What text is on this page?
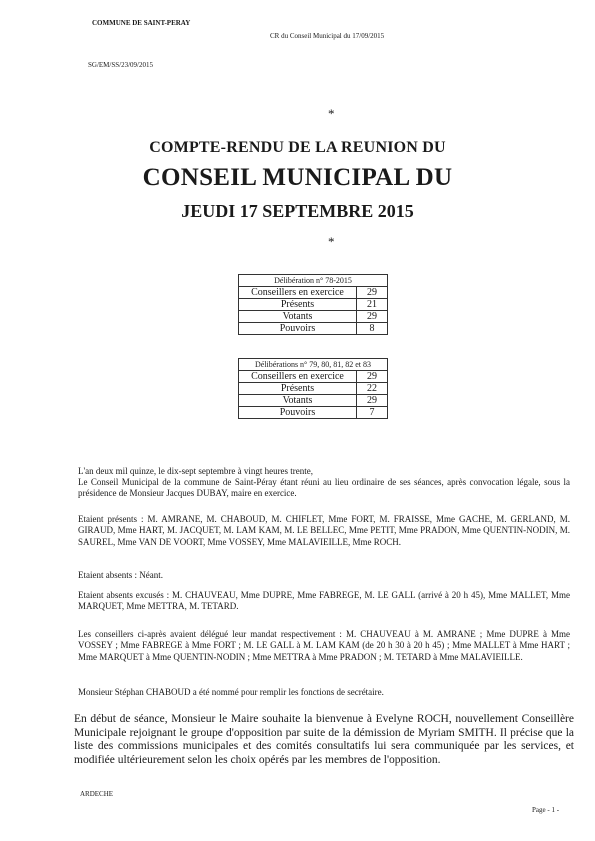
COMMUNE DE SAINT-PERAY
CR du Conseil Municipal du 17/09/2015
SG/EM/SS/23/09/2015
*
COMPTE-RENDU DE LA REUNION DU
CONSEIL MUNICIPAL DU
JEUDI 17 SEPTEMBRE 2015
*
Délibération n° 78-2015	
Conseillers en exercice	29
Présents	21
Votants	29
Pouvoirs	8
Délibérations n° 79, 80, 81, 82 et 83	
Conseillers en exercice	29
Présents	22
Votants	29
Pouvoirs	7
L'an deux mil quinze, le dix-sept septembre à vingt heures trente,
Le Conseil Municipal de la commune de Saint-Péray étant réuni au lieu ordinaire de ses séances, après convocation légale, sous la présidence de Monsieur Jacques DUBAY, maire en exercice.
Etaient présents : M. AMRANE, M. CHABOUD, M. CHIFLET, Mme FORT, M. FRAISSE, Mme GACHE, M. GERLAND, M. GIRAUD, Mme HART, M. JACQUET, M. LAM KAM, M. LE BELLEC, Mme PETIT, Mme PRADON, Mme QUENTIN-NODIN, M. SAUREL, Mme VAN DE VOORT, Mme VOSSEY, Mme MALAVIEILLE, Mme ROCH.
Etaient absents : Néant.
Etaient absents excusés : M. CHAUVEAU, Mme DUPRE, Mme FABREGE, M. LE GALL (arrivé à 20 h 45), Mme MALLET, Mme MARQUET, Mme METTRA, M. TETARD.
Les conseillers ci-après avaient délégué leur mandat respectivement : M. CHAUVEAU à M. AMRANE ; Mme DUPRE à Mme VOSSEY ; Mme FABREGE à Mme FORT ; M. LE GALL à M. LAM KAM (de 20 h 30 à 20 h 45) ; Mme MALLET à Mme HART ; Mme MARQUET à Mme QUENTIN-NODIN ; Mme METTRA à Mme PRADON ; M. TETARD à Mme MALAVIEILLE.
Monsieur Stéphan CHABOUD a été nommé pour remplir les fonctions de secrétaire.
En début de séance, Monsieur le Maire souhaite la bienvenue à Evelyne ROCH, nouvellement Conseillère Municipale rejoignant le groupe d'opposition par suite de la démission de Myriam SMITH. Il précise que la liste des commissions municipales et des comités consultatifs lui sera communiquée par les services, et modifiée ultérieurement selon les choix opérés par les membres de l'opposition.
ARDECHE
Page - 1 -
